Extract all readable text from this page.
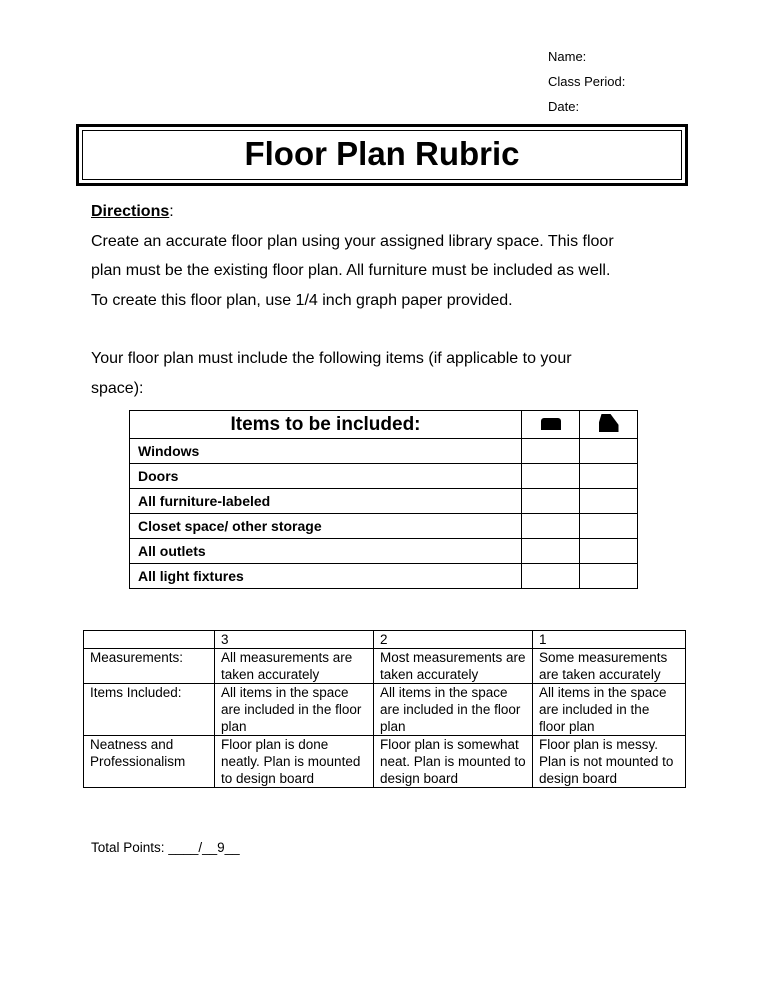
Name:
Class Period:
Date:
Floor Plan Rubric

Directions:

Create an accurate floor plan using your assigned library space. This floor

plan must be the existing floor plan. All furniture must be included as well.

To create this floor plan, use 1/4 inch graph paper provided.

Your floor plan must include the following items (if applicable to your

space):

Items to be included:		
Windows		
Doors		
All furniture-labeled		
Closet space/ other storage		
All outlets		
All light fixtures		
	3	2	1
Measurements:	All measurements are taken accurately	Most measurements are taken accurately	Some measurements are taken accurately
Items Included:	All items in the space are included in the floor plan	All items in the space are included in the floor plan	All items in the space are included in the floor plan
Neatness and Professionalism	Floor plan is done neatly. Plan is mounted to design board	Floor plan is somewhat neat. Plan is mounted to design board	Floor plan is messy. Plan is not mounted to design board
Total Points: ____/__9__
